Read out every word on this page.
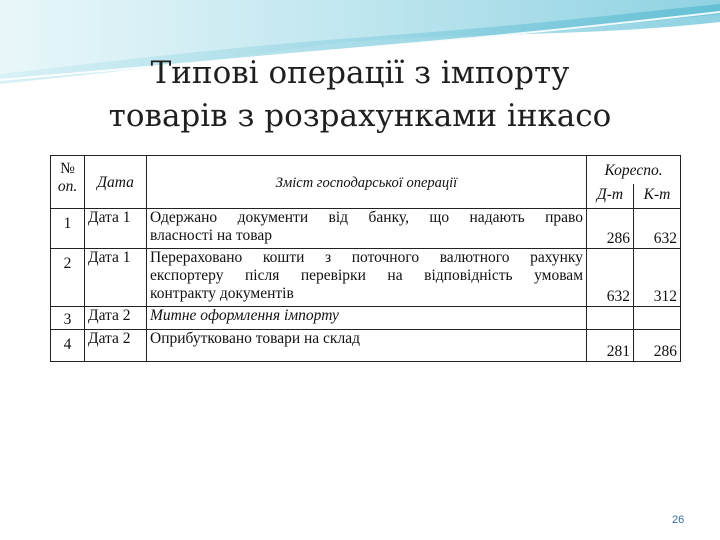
Типові операції з імпорту
товарів з розрахунками інкасо
№
оп.	Дата	Зміст господарської операції	Кореспо.	
			Д-т	К-т
1	Дата 1	Одержано документи від банку, що надають право
власності на товар	286	632
2	Дата 1	Перераховано кошти з поточного валютного рахунку
експортеру після перевірки на відповідність умовам
контракту документів	632	312
3	Дата 2	Митне оформлення імпорту		
4	Дата 2	Оприбутковано товари на склад	281	286
26
